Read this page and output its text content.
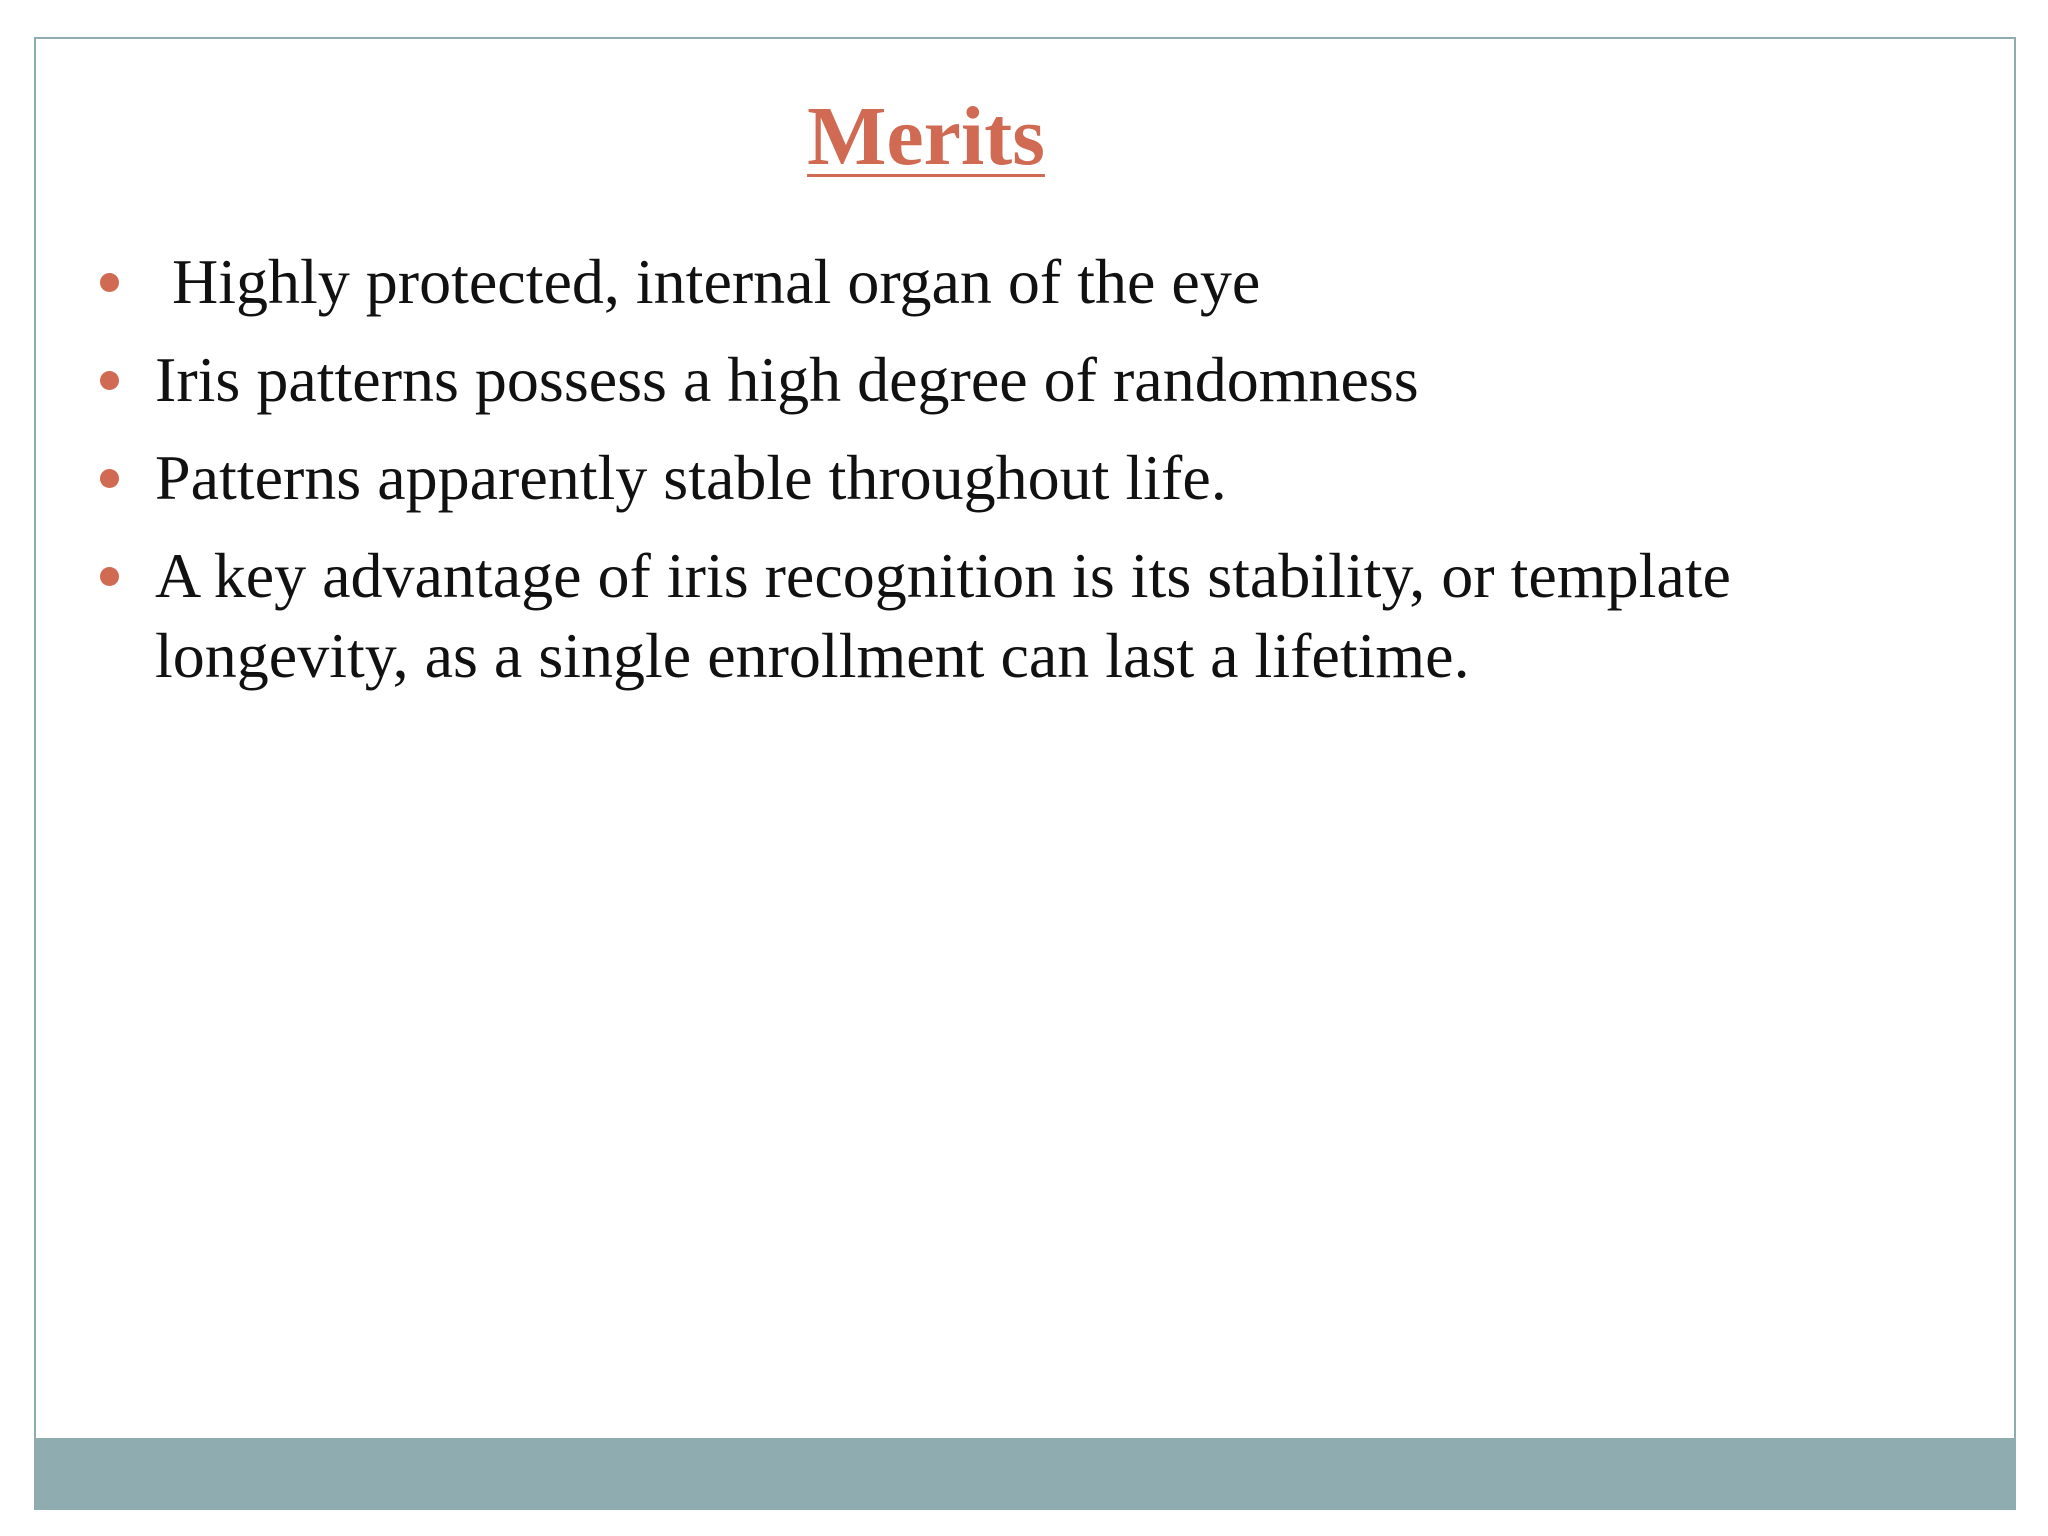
Merits
Highly protected, internal organ of the eye
Iris patterns possess a high degree of randomness
Patterns apparently stable throughout life.
A key advantage of iris recognition is its stability, or template longevity, as a single enrollment can last a lifetime.
